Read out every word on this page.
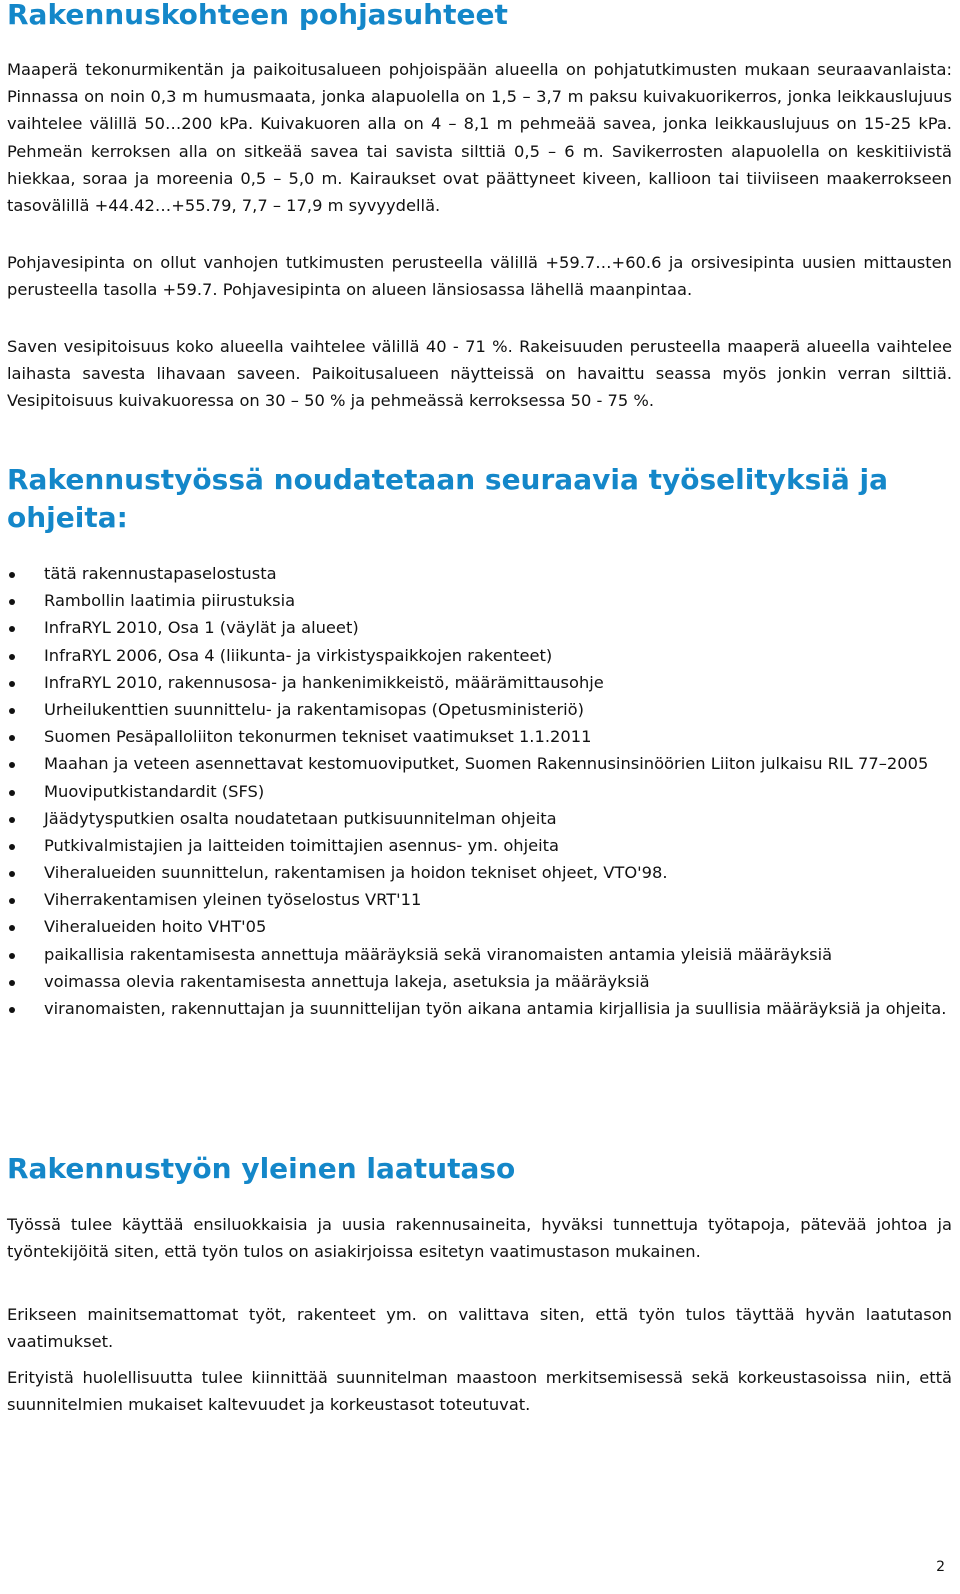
Rakennuskohteen pohjasuhteet

Maaperä tekonurmikentän ja paikoitusalueen pohjoispään alueella on pohjatutkimusten mukaan seuraavanlaista: Pinnassa on noin 0,3 m humusmaata, jonka alapuolella on 1,5 – 3,7 m paksu kuivakuorikerros, jonka leikkauslujuus vaihtelee välillä 50…200 kPa. Kuivakuoren alla on 4 – 8,1 m pehmeää savea, jonka leikkauslujuus on 15-25 kPa. Pehmeän kerroksen alla on sitkeää savea tai savista silttiä 0,5 – 6 m. Savikerrosten alapuolella on keskitiivistä hiekkaa, soraa ja moreenia 0,5 – 5,0 m. Kairaukset ovat päättyneet kiveen, kallioon tai tiiviiseen maakerrokseen tasovälillä +44.42…+55.79, 7,7 – 17,9 m syvyydellä.

Pohjavesipinta on ollut vanhojen tutkimusten perusteella välillä +59.7…+60.6 ja orsivesipinta uusien mittausten perusteella tasolla +59.7. Pohjavesipinta on alueen länsiosassa lähellä maanpintaa.

Saven vesipitoisuus koko alueella vaihtelee välillä 40 - 71 %. Rakeisuuden perusteella maaperä alueella vaihtelee laihasta savesta lihavaan saveen. Paikoitusalueen näytteissä on havaittu seassa myös jonkin verran silttiä. Vesipitoisuus kuivakuoressa on 30 – 50 % ja pehmeässä kerroksessa 50 - 75 %.

Rakennustyössä noudatetaan seuraavia työselityksiä ja ohjeita:
tätä rakennustapaselostusta
Rambollin laatimia piirustuksia
InfraRYL 2010, Osa 1 (väylät ja alueet)
InfraRYL 2006, Osa 4 (liikunta- ja virkistyspaikkojen rakenteet)
InfraRYL 2010, rakennusosa- ja hankenimikkeistö, määrämittausohje
Urheilukenttien suunnittelu- ja rakentamisopas (Opetusministeriö)
Suomen Pesäpalloliiton tekonurmen tekniset vaatimukset 1.1.2011
Maahan ja veteen asennettavat kestomuoviputket, Suomen Rakennusinsinöörien Liiton julkaisu RIL 77–2005
Muoviputkistandardit (SFS)
Jäädytysputkien osalta noudatetaan putkisuunnitelman ohjeita
Putkivalmistajien ja laitteiden toimittajien asennus- ym. ohjeita
Viheralueiden suunnittelun, rakentamisen ja hoidon tekniset ohjeet, VTO'98.
Viherrakentamisen yleinen työselostus VRT'11
Viheralueiden hoito VHT'05
paikallisia rakentamisesta annettuja määräyksiä sekä viranomaisten antamia yleisiä määräyksiä
voimassa olevia rakentamisesta annettuja lakeja, asetuksia ja määräyksiä
viranomaisten, rakennuttajan ja suunnittelijan työn aikana antamia kirjallisia ja suullisia määräyksiä ja ohjeita.
Rakennustyön yleinen laatutaso

Työssä tulee käyttää ensiluokkaisia ja uusia rakennusaineita, hyväksi tunnettuja työtapoja, pätevää johtoa ja työntekijöitä siten, että työn tulos on asiakirjoissa esitetyn vaatimustason mukainen.

Erikseen mainitsemattomat työt, rakenteet ym. on valittava siten, että työn tulos täyttää hyvän laatutason vaatimukset.

Erityistä huolellisuutta tulee kiinnittää suunnitelman maastoon merkitsemisessä sekä korkeustasoissa niin, että suunnitelmien mukaiset kaltevuudet ja korkeustasot toteutuvat.

2
